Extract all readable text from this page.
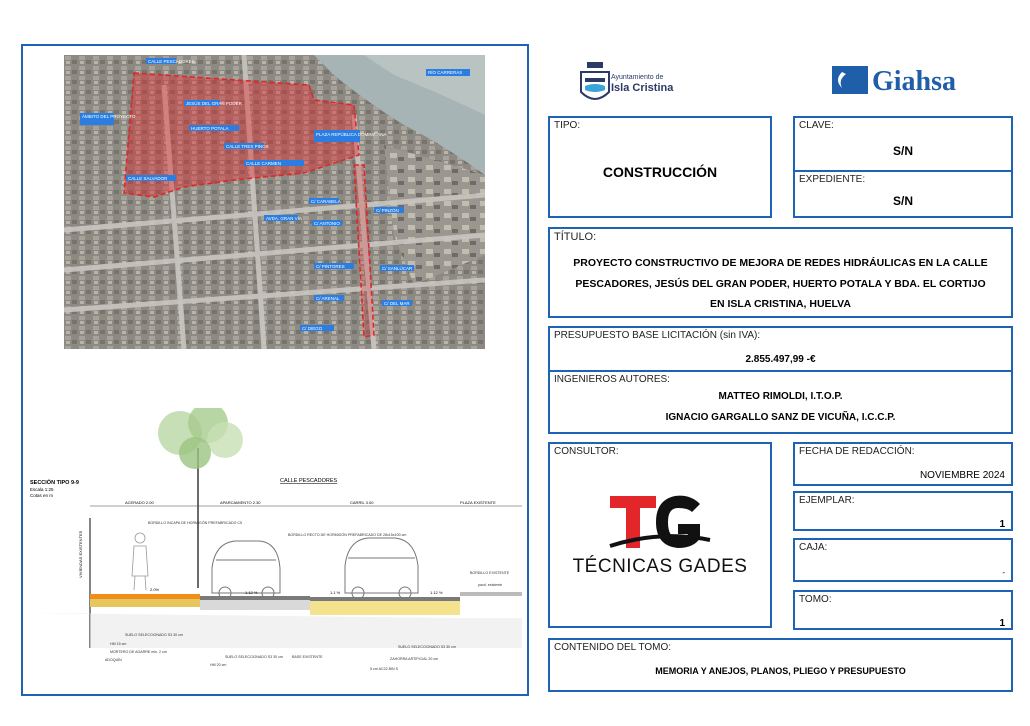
CALLE PESCADORES
ÁMBITO DEL PROYECTO
RÍO CARRERAS
JESÚS DEL GRAN PODER
HUERTO POTALA
PLAZA REPÚBLICA DOMINICANA
CALLE CARMEN
CALLE SALVADOR
C/ CARABELA
C/ PINZÓN
C/ ANTONIO
C/ PINTORES	C/ SANLÚCAR
C/ ARENAL
C/ DEL MAR
C/ DIEGO
CALLE TRES PINOS
AVDA. GRAN VÍA
SECCIÓN TIPO 9-9
Escala 1:25
Cotas en m
CALLE PESCADORES
ACERADO 2.00	APARCAMIENTO 2.30	CARRIL 3.00	PLAZA EXISTENTE
VIVIENDAS EXISTENTES
2.0%
1.12 %	1.1 %	1.12 %
BORDILLO INCAPA DE HORMIGÓN PREFABRICADO C5
BORDILLO RECTO DE HORMIGÓN PREFABRICADO DE 28x15x100 cm
BORDILLO EXISTENTE
pavd. existente
SUELO SELECCIONADO S3 30 cm
HM 15 cm
MORTERO DE AGARRE min. 2 cm
ADOQUÍN
SUELO SELECCIONADO S3 30 cm
HM 20 cm
BASE EXISTENTE
SUELO SELECCIONADO S3 30 cm
ZAHORRA ARTIFICIAL 20 cm
5 cm AC22 BIN S
Ayuntamiento de
Isla Cristina	Giahsa
TIPO:
CONSTRUCCIÓN
CLAVE:
S/N
EXPEDIENTE:
S/N
TÍTULO:
PROYECTO CONSTRUCTIVO DE MEJORA DE REDES HIDRÁULICAS EN LA CALLE
PESCADORES, JESÚS DEL GRAN PODER, HUERTO POTALA Y BDA. EL CORTIJO
EN ISLA CRISTINA, HUELVA
PRESUPUESTO BASE LICITACIÓN (sin IVA):
2.855.497,99 -€
INGENIEROS AUTORES:
MATTEO RIMOLDI, I.T.O.P.
IGNACIO GARGALLO SANZ DE VICUÑA, I.C.C.P.
CONSULTOR:
TÉCNICAS GADES
FECHA DE REDACCIÓN:
NOVIEMBRE 2024
EJEMPLAR:
1
CAJA:
-
TOMO:
1
CONTENIDO DEL TOMO:
MEMORIA Y ANEJOS, PLANOS, PLIEGO Y PRESUPUESTO
